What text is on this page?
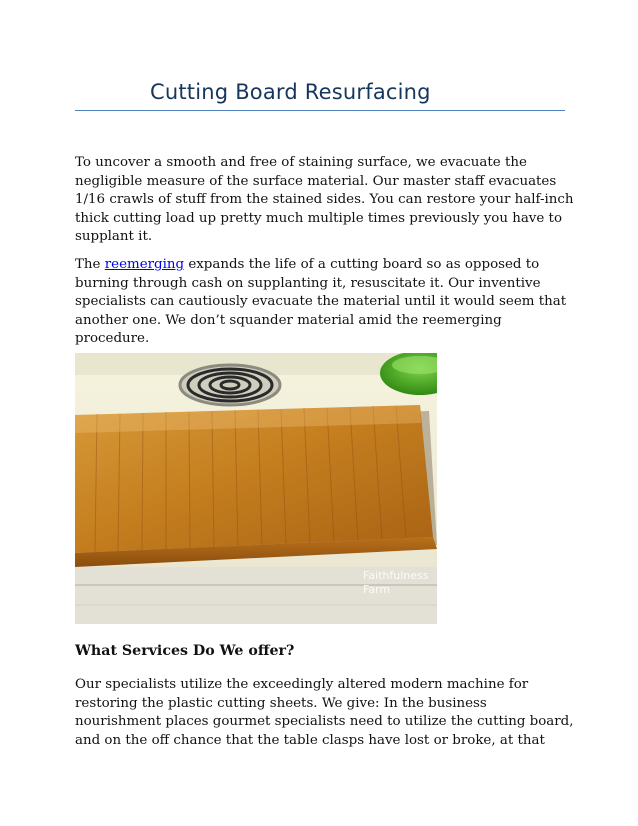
Cutting Board Resurfacing

To uncover a smooth and free of staining surface, we evacuate the
negligible measure of the surface material. Our master staff evacuates
1/16 crawls of stuff from the stained sides. You can restore your half-inch
thick cutting load up pretty much multiple times previously you have to
supplant it.

The reemerging expands the life of a cutting board so as opposed to
burning through cash on supplanting it, resuscitate it. Our inventive
specialists can cautiously evacuate the material until it would seem that
another one. We don’t squander material amid the reemerging
procedure.

Faithfulness
Farm
What Services Do We offer?

Our specialists utilize the exceedingly altered modern machine for
restoring the plastic cutting sheets. We give: In the business
nourishment places gourmet specialists need to utilize the cutting board,
and on the off chance that the table clasps have lost or broke, at that
